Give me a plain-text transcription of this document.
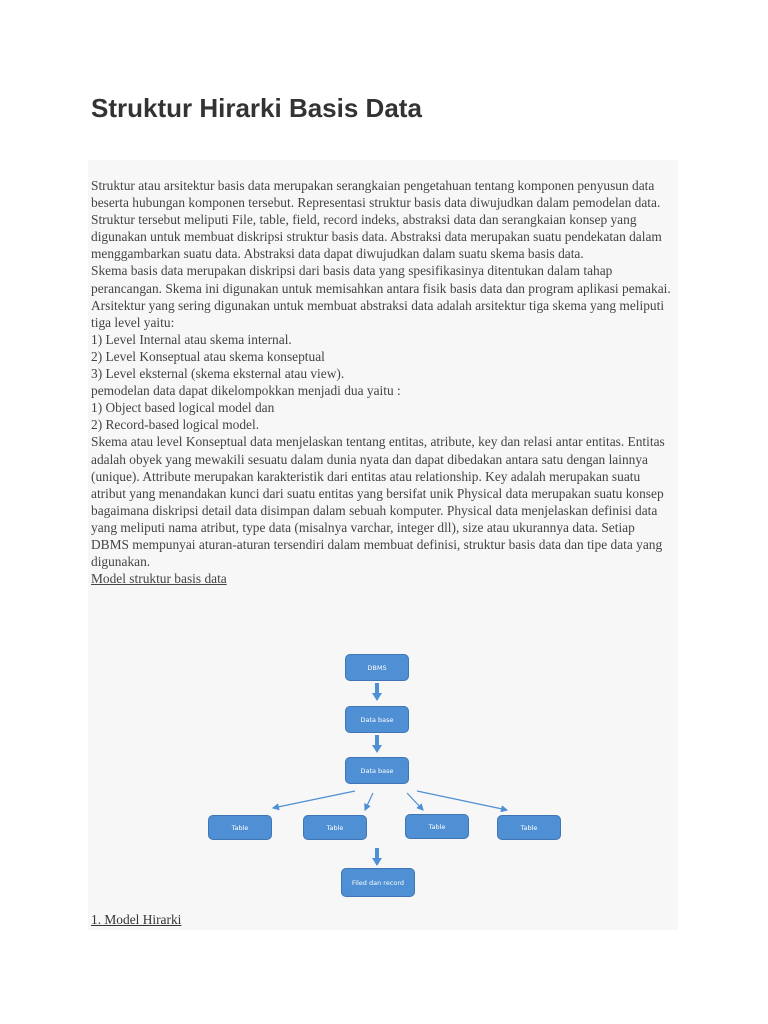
Struktur Hirarki Basis Data

Struktur atau arsitektur basis data merupakan serangkaian pengetahuan tentang komponen penyusun data beserta hubungan komponen tersebut. Representasi struktur basis data diwujudkan dalam pemodelan data.

Struktur tersebut meliputi File, table, field, record indeks, abstraksi data dan serangkaian konsep yang digunakan untuk membuat diskripsi struktur basis data. Abstraksi data merupakan suatu pendekatan dalam menggambarkan suatu data. Abstraksi data dapat diwujudkan dalam suatu skema basis data.

Skema basis data merupakan diskripsi dari basis data yang spesifikasinya ditentukan dalam tahap perancangan. Skema ini digunakan untuk memisahkan antara fisik basis data dan program aplikasi pemakai.

Arsitektur yang sering digunakan untuk membuat abstraksi data adalah arsitektur tiga skema yang meliputi tiga level yaitu:

1) Level Internal atau skema internal.

2) Level Konseptual atau skema konseptual

3) Level eksternal (skema eksternal atau view).

pemodelan data dapat dikelompokkan menjadi dua yaitu :

1) Object based logical model dan

2) Record-based logical model.

Skema atau level Konseptual data menjelaskan tentang entitas, atribute, key dan relasi antar entitas. Entitas adalah obyek yang mewakili sesuatu dalam dunia nyata dan dapat dibedakan antara satu dengan lainnya (unique). Attribute merupakan karakteristik dari entitas atau relationship. Key adalah merupakan suatu atribut yang menandakan kunci dari suatu entitas yang bersifat unik Physical data merupakan suatu konsep bagaimana diskripsi detail data disimpan dalam sebuah komputer. Physical data menjelaskan definisi data yang meliputi nama atribut, type data (misalnya varchar, integer dll), size atau ukurannya data. Setiap DBMS mempunyai aturan-aturan tersendiri dalam membuat definisi, struktur basis data dan tipe data yang digunakan.

Model struktur basis data

DBMS
Data base
Data base
Table	Table	Table	Table
Filed dan record
1. Model Hirarki
